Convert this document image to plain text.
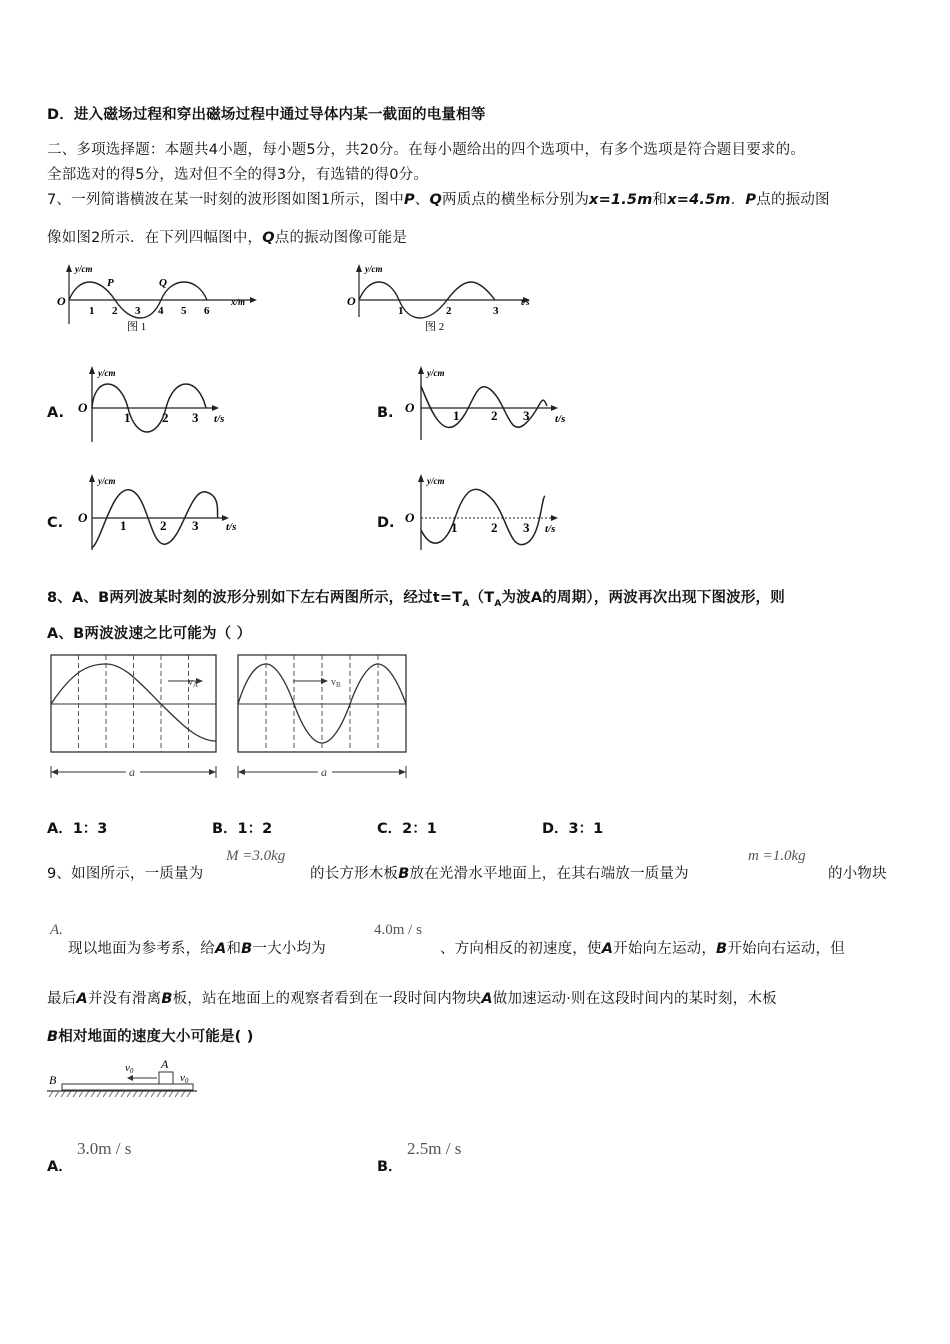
D．进入磁场过程和穿出磁场过程中通过导体内某一截面的电量相等
二、多项选择题：本题共4小题，每小题5分，共20分。在每小题给出的四个选项中，有多个选项是符合题目要求的。
全部选对的得5分，选对但不全的得3分，有选错的得0分。
7、一列简谐横波在某一时刻的波形图如图1所示，图中P、Q两质点的横坐标分别为x=1.5m和x=4.5m．P点的振动图
像如图2所示．在下列四幅图中，Q点的振动图像可能是
y/cm
x/m
O
P	Q
1 2 3 4 5 6
图 1
y/cm
t/s
O
1	2	3
图 2
A.
y/cm
t/s
O
1 2 3	B.
y/cm
t/s
O
1 2 3
C.
y/cm
t/s
O
1	2 3	D.
y/cm
t/s
O
1	2 3
8、A、B两列波某时刻的波形分别如下左右两图所示，经过$t=T_A(T_A$为波A的周期），两波再次出现下图波形，则
A、B两波波速之比可能为（ ）
$v_A$
a
$v_B$
a
A．1：3	B．1：2	C．2：1	D．3：1
9、如图所示，一质量为
M =3.0kg
的长方形木板B放在光滑水平地面上，在其右端放一质量为
m =1.0kg
的小物块
A.
现以地面为参考系，给A和B一大小均为
4.0m / s
、方向相反的初速度，使A开始向左运动，B开始向右运动，但
最后A并没有滑离B板，站在地面上的观察者看到在一段时间内物块A做加速运动·则在这段时间内的某时刻，木板
B相对地面的速度大小可能是( )
B
A
v0
v0
A．
3.0m / s
B．
2.5m / s
